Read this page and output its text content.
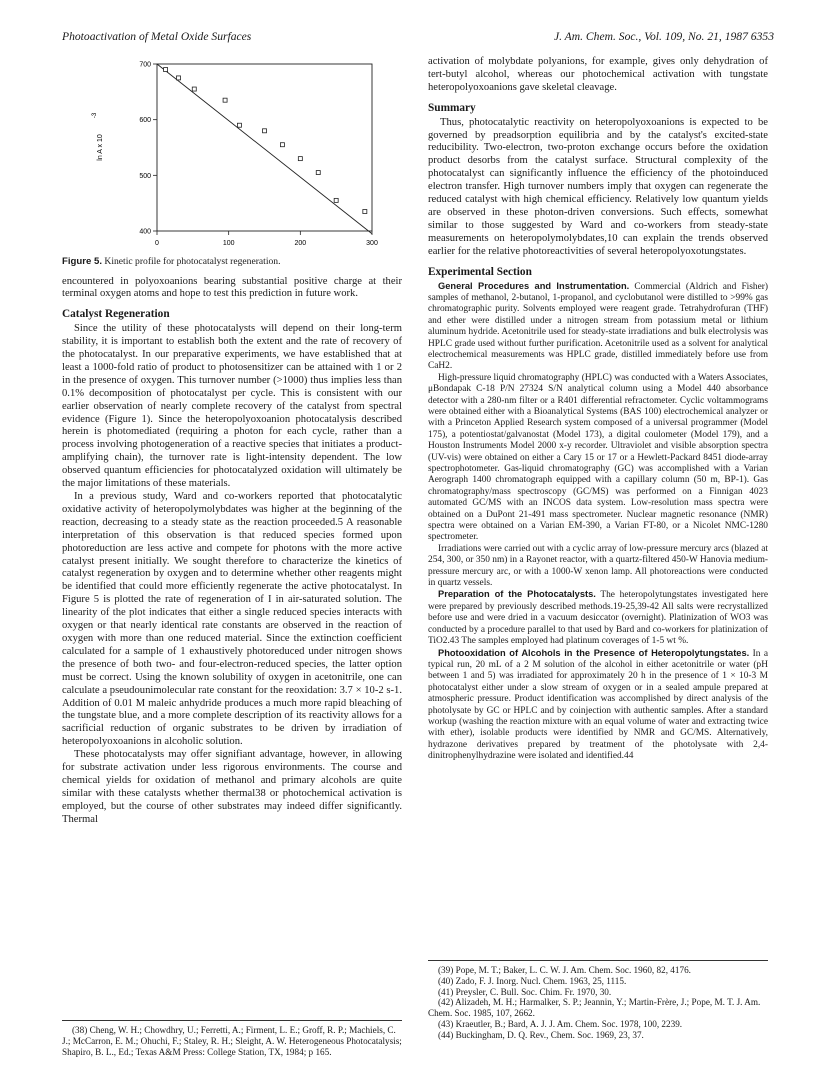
Photoactivation of Metal Oxide Surfaces	J. Am. Chem. Soc., Vol. 109, No. 21, 1987 6353
0	100	200	300
400
500
600
700
ln A x 10
-3
Figure 5. Kinetic profile for photocatalyst regeneration.

encountered in polyoxoanions bearing substantial positive charge at their terminal oxygen atoms and hope to test this prediction in future work.

Catalyst Regeneration

Since the utility of these photocatalysts will depend on their long-term stability, it is important to establish both the extent and the rate of recovery of the photocatalyst. In our preparative experiments, we have established that at least a 1000-fold ratio of product to photosensitizer can be attained with 1 or 2 in the presence of oxygen. This turnover number (>1000) thus implies less than 0.1% decomposition of photocatalyst per cycle. This is consistent with our earlier observation of nearly complete recovery of the catalyst from spectral evidence (Figure 1). Since the heteropolyoxoanion photocatalysis described herein is photomediated (requiring a photon for each cycle, rather than a process involving photogeneration of a reactive species that initiates a product-amplifying chain), the turnover rate is light-intensity dependent. The low observed quantum efficiencies for photocatalyzed oxidation will ultimately be the major limitations of these materials.

In a previous study, Ward and co-workers reported that photocatalytic oxidative activity of heteropolymolybdates was higher at the beginning of the reaction, decreasing to a steady state as the reaction proceeded.5 A reasonable interpretation of this observation is that reduced species formed upon photoreduction are less active and compete for photons with the more active catalyst present initially. We sought therefore to characterize the kinetics of catalyst regeneration by oxygen and to determine whether other reagents might be identified that could more efficiently regenerate the active photocatalyst. In Figure 5 is plotted the rate of regeneration of I in air-saturated solution. The linearity of the plot indicates that either a single reduced species interacts with oxygen or that nearly identical rate constants are observed in the reaction of oxygen with more than one reduced material. Since the extinction coefficient calculated for a sample of 1 exhaustively photoreduced under nitrogen shows the presence of both two- and four-electron-reduced species, the latter option must be correct. Using the known solubility of oxygen in acetonitrile, one can calculate a pseudounimolecular rate constant for the reoxidation: 3.7 × 10-2 s-1. Addition of 0.01 M maleic anhydride produces a much more rapid bleaching of the tungstate blue, and a more complete description of its reactivity allows for a sacrificial reduction of organic substrates to be driven by irradiation of heteropolyoxoanions in alcoholic solution.

These photocatalysts may offer signifiant advantage, however, in allowing for substrate activation under less rigorous environments. The course and chemical yields for oxidation of methanol and primary alcohols are quite similar with these catalysts whether thermal38 or photochemical activation is employed, but the course of other substrates may indeed differ significantly. Thermal

(38) Cheng, W. H.; Chowdhry, U.; Ferretti, A.; Firment, L. E.; Groff, R. P.; Machiels, C. J.; McCarron, E. M.; Ohuchi, F.; Staley, R. H.; Sleight, A. W. Heterogeneous Photocatalysis; Shapiro, B. L., Ed.; Texas A&M Press: College Station, TX, 1984; p 165.

activation of molybdate polyanions, for example, gives only dehydration of tert-butyl alcohol, whereas our photochemical activation with tungstate heteropolyoxoanions gave skeletal cleavage.

Summary

Thus, photocatalytic reactivity on heteropolyoxoanions is expected to be governed by preadsorption equilibria and by the catalyst's excited-state reducibility. Two-electron, two-proton exchange occurs before the oxidation product desorbs from the catalyst surface. Structural complexity of the photocatalyst can significantly influence the efficiency of the photoinduced electron transfer. High turnover numbers imply that oxygen can regenerate the reduced catalyst with high chemical efficiency. Relatively low quantum yields are observed in these photon-driven conversions. Such effects, somewhat similar to those suggested by Ward and co-workers from steady-state measurements on heteropolymolybdates,10 can explain the trends observed earlier for the relative photoreactivities of several heteropolyoxotungstates.

Experimental Section

General Procedures and Instrumentation. Commercial (Aldrich and Fisher) samples of methanol, 2-butanol, 1-propanol, and cyclobutanol were distilled to >99% gas chromatographic purity. Solvents employed were reagent grade. Tetrahydrofuran (THF) and ether were distilled under a nitrogen stream from potassium metal or lithium aluminum hydride. Acetonitrile used for steady-state irradiations and bulk electrolysis was HPLC grade used without further purification. Acetonitrile used as a solvent for analytical electrochemical measurements was HPLC grade, distilled immediately before use from CaH2.

High-pressure liquid chromatography (HPLC) was conducted with a Waters Associates, μBondapak C-18 P/N 27324 S/N analytical column using a Model 440 absorbance detector with a 280-nm filter or a R401 differential refractometer. Cyclic voltammograms were obtained either with a Bioanalytical Systems (BAS 100) electrochemical analyzer or with a Princeton Applied Research system composed of a universal programmer (Model 175), a potentiostat/galvanostat (Model 173), a digital coulometer (Model 179), and a Houston Instruments Model 2000 x-y recorder. Ultraviolet and visible absorption spectra (UV-vis) were obtained on either a Cary 15 or 17 or a Hewlett-Packard 8451 diode-array spectrophotometer. Gas-liquid chromatography (GC) was accomplished with a Varian Aerograph 1400 chromatograph equipped with a capillary column (50 m, BP-1). Gas chromatography/mass spectroscopy (GC/MS) was performed on a Finnigan 4023 automated GC/MS with an INCOS data system. Low-resolution mass spectra were obtained on a DuPont 21-491 mass spectrometer. Nuclear magnetic resonance (NMR) spectra were obtained on a Varian EM-390, a Varian FT-80, or a Nicolet NMC-1280 spectrometer.

Irradiations were carried out with a cyclic array of low-pressure mercury arcs (blazed at 254, 300, or 350 nm) in a Rayonet reactor, with a quartz-filtered 450-W Hanovia medium-pressure mercury arc, or with a 1000-W xenon lamp. All photoreactions were conducted in quartz vessels.

Preparation of the Photocatalysts. The heteropolytungstates investigated here were prepared by previously described methods.19-25,39-42 All salts were recrystallized before use and were dried in a vacuum desiccator (overnight). Platinization of WO3 was conducted by a procedure parallel to that used by Bard and co-workers for platinization of TiO2.43 The samples employed had platinum coverages of 1-5 wt %.

Photooxidation of Alcohols in the Presence of Heteropolytungstates. In a typical run, 20 mL of a 2 M solution of the alcohol in either acetonitrile or water (pH between 1 and 5) was irradiated for approximately 20 h in the presence of 1 × 10-3 M photocatalyst either under a slow stream of oxygen or in a sealed ampule prepared at atmospheric pressure. Product identification was accomplished by direct analysis of the photolysate by GC or HPLC and by coinjection with authentic samples. After a standard workup (washing the reaction mixture with an equal volume of water and extracting twice with ether), isolable products were identified by NMR and GC/MS. Alternatively, hydrazone derivatives prepared by treatment of the photolysate with 2,4-dinitrophenylhydrazine were isolated and identified.44

(39) Pope, M. T.; Baker, L. C. W. J. Am. Chem. Soc. 1960, 82, 4176.
(40) Zado, F. J. Inorg. Nucl. Chem. 1963, 25, 1115.
(41) Preysler, C. Bull. Soc. Chim. Fr. 1970, 30.
(42) Alizadeh, M. H.; Harmalker, S. P.; Jeannin, Y.; Martin-Frère, J.; Pope, M. T. J. Am. Chem. Soc. 1985, 107, 2662.
(43) Kraeutler, B.; Bard, A. J. J. Am. Chem. Soc. 1978, 100, 2239.
(44) Buckingham, D. Q. Rev., Chem. Soc. 1969, 23, 37.
